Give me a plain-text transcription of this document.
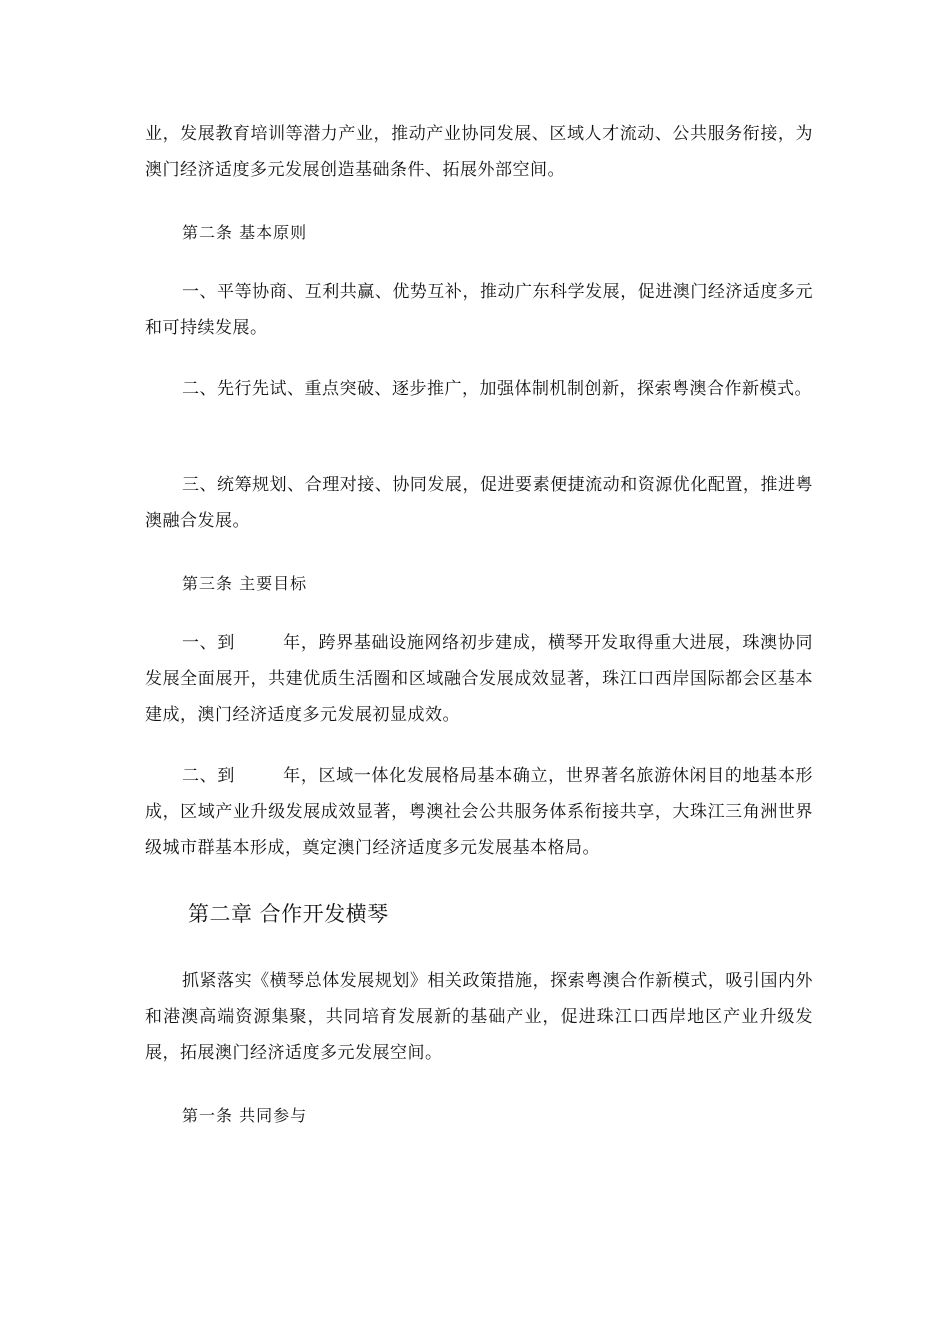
业，发展教育培训等潜力产业，推动产业协同发展、区域人才流动、公共服务衔接，为澳门经济适度多元发展创造基础条件、拓展外部空间。

第二条 基本原则

一、平等协商、互利共赢、优势互补，推动广东科学发展，促进澳门经济适度多元和可持续发展。

二、先行先试、重点突破、逐步推广，加强体制机制创新，探索粤澳合作新模式。

三、统筹规划、合理对接、协同发展，促进要素便捷流动和资源优化配置，推进粤澳融合发展。

第三条 主要目标

一、到	年，跨界基础设施网络初步建成，横琴开发取得重大进展，珠澳协同发展全面展开，共建优质生活圈和区域融合发展成效显著，珠江口西岸国际都会区基本建成，澳门经济适度多元发展初显成效。

二、到	年，区域一体化发展格局基本确立，世界著名旅游休闲目的地基本形成，区域产业升级发展成效显著，粤澳社会公共服务体系衔接共享，大珠江三角洲世界级城市群基本形成，奠定澳门经济适度多元发展基本格局。

第二章 合作开发横琴

抓紧落实《横琴总体发展规划》相关政策措施，探索粤澳合作新模式，吸引国内外和港澳高端资源集聚，共同培育发展新的基础产业，促进珠江口西岸地区产业升级发展，拓展澳门经济适度多元发展空间。

第一条 共同参与
